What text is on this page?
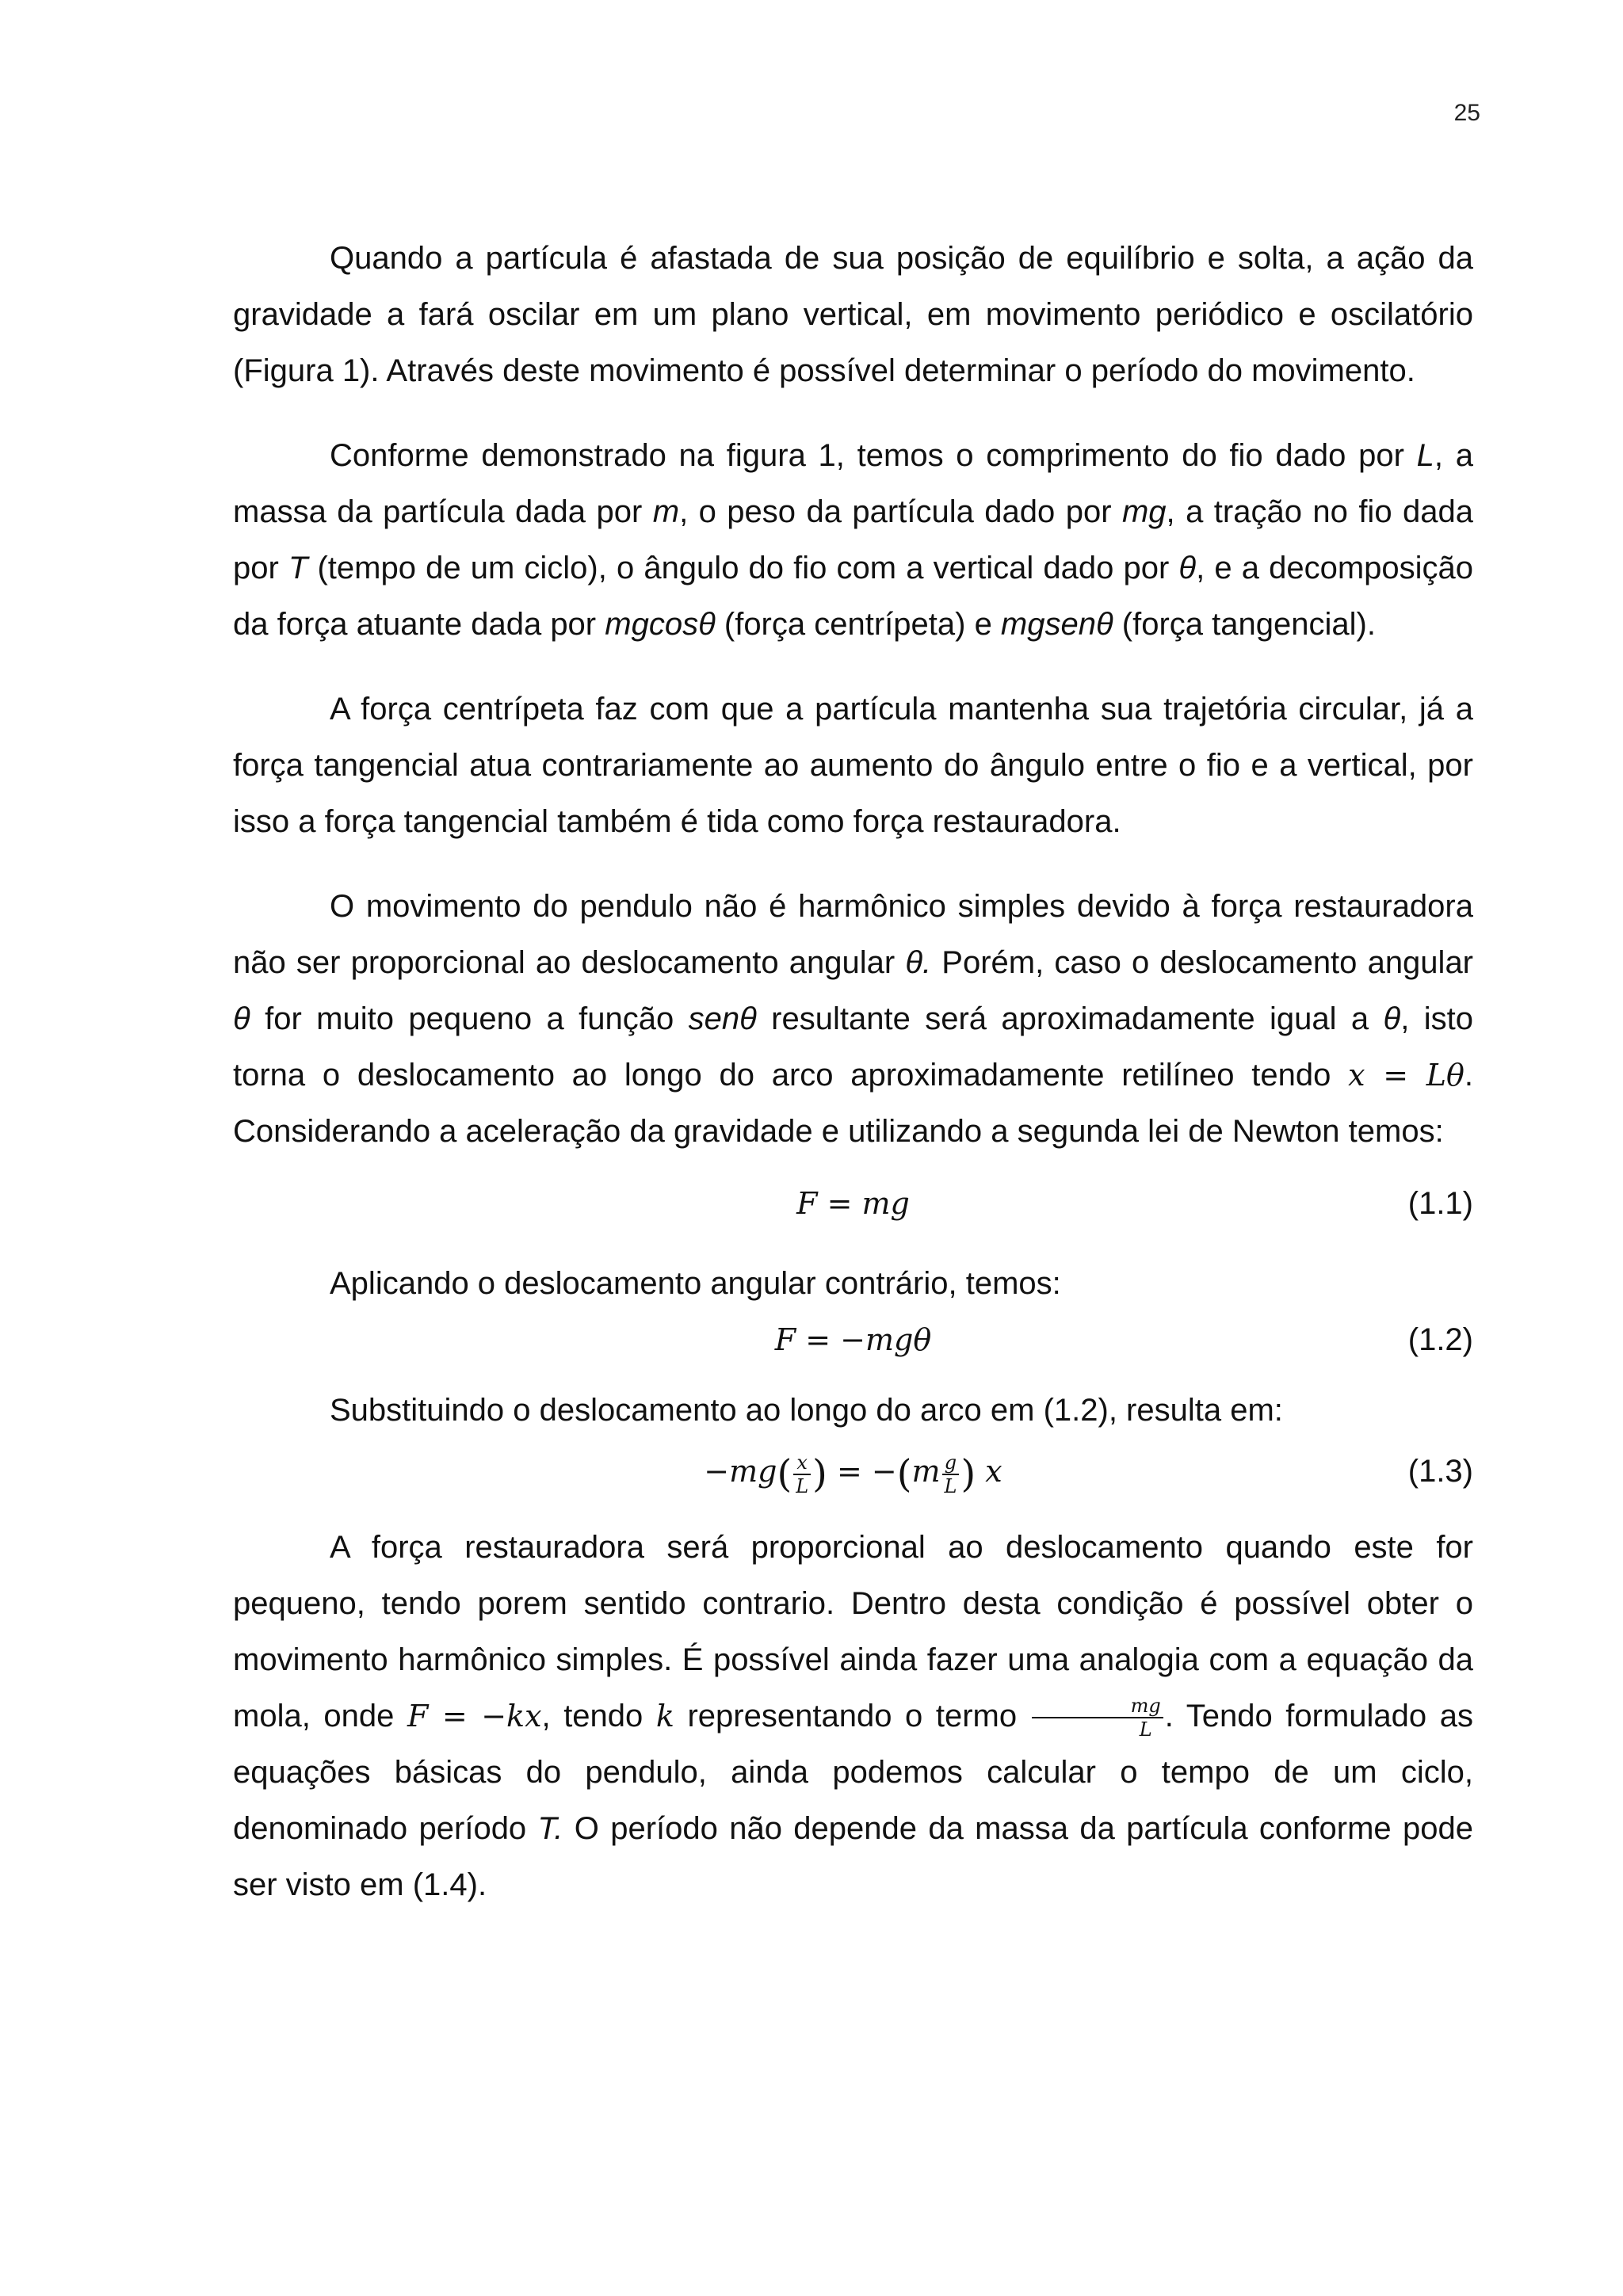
25

Quando a partícula é afastada de sua posição de equilíbrio e solta, a ação da gravidade a fará oscilar em um plano vertical, em movimento periódico e oscilatório (Figura 1). Através deste movimento é possível determinar o período do movimento.

Conforme demonstrado na figura 1, temos o comprimento do fio dado por L, a massa da partícula dada por m, o peso da partícula dado por mg, a tração no fio dada por T (tempo de um ciclo), o ângulo do fio com a vertical dado por θ, e a decomposição da força atuante dada por mgcosθ (força centrípeta) e mgsenθ (força tangencial).

A força centrípeta faz com que a partícula mantenha sua trajetória circular, já a força tangencial atua contrariamente ao aumento do ângulo entre o fio e a vertical, por isso a força tangencial também é tida como força restauradora.

O movimento do pendulo não é harmônico simples devido à força restauradora não ser proporcional ao deslocamento angular θ. Porém, caso o deslocamento angular θ for muito pequeno a função senθ resultante será aproximadamente igual a θ, isto torna o deslocamento ao longo do arco aproximadamente retilíneo tendo x = Lθ. Considerando a aceleração da gravidade e utilizando a segunda lei de Newton temos:

F = mg	(1.1)

Aplicando o deslocamento angular contrário, temos:

F = −mgθ	(1.2)

Substituindo o deslocamento ao longo do arco em (1.2), resulta em:

$-mg( \frac{x}{L}$ ) = $-(m \frac{g}{L}$ ) x	(1.3)

A força restauradora será proporcional ao deslocamento quando este for pequeno, tendo porem sentido contrario. Dentro desta condição é possível obter o movimento harmônico simples. É possível ainda fazer uma analogia com a equação da mola, onde F = −kx, tendo k representando o termo $\frac{mg}{L}$ . Tendo formulado as equações básicas do pendulo, ainda podemos calcular o tempo de um ciclo, denominado período T. O período não depende da massa da partícula conforme pode ser visto em (1.4).
